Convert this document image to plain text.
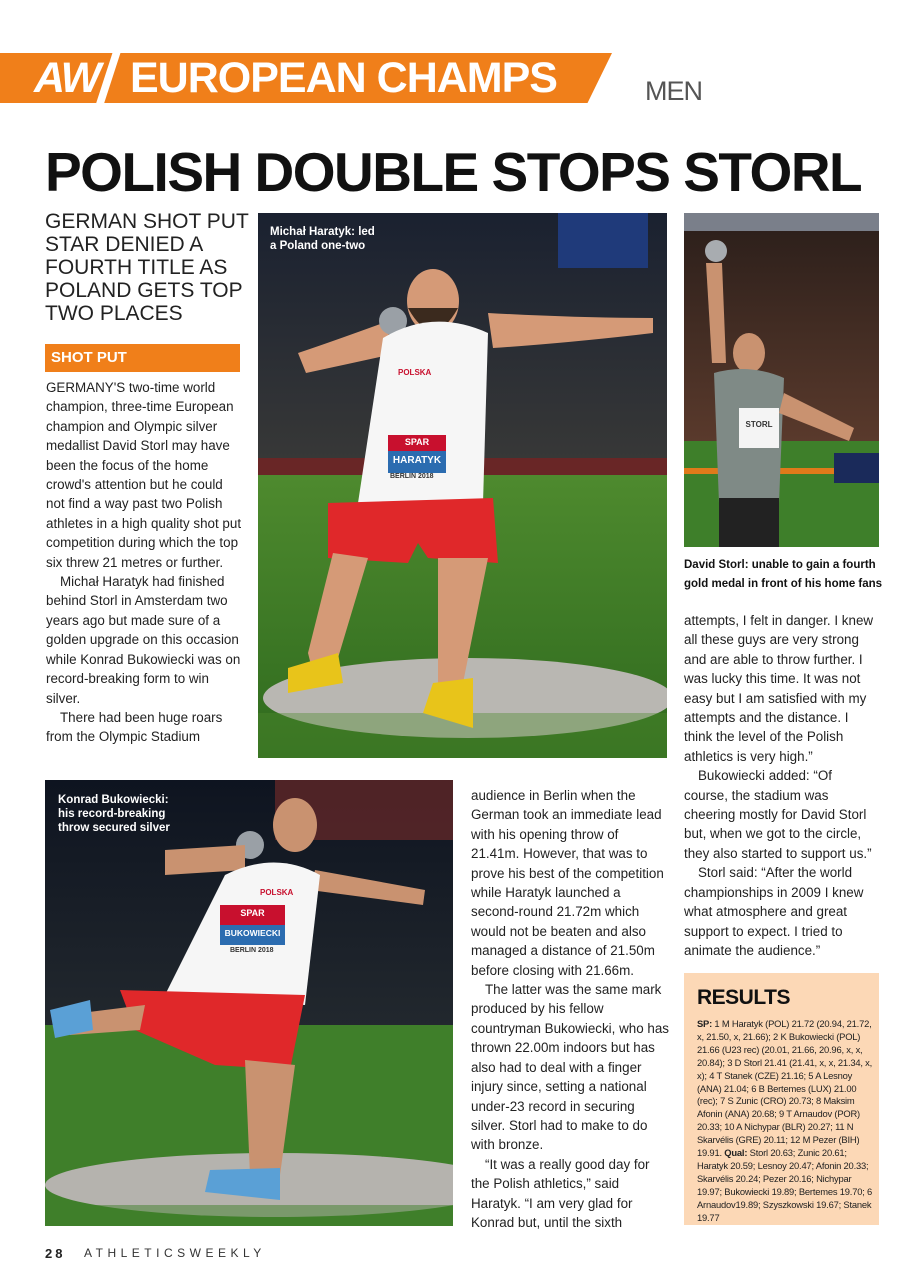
AW EUROPEAN CHAMPS	MEN
POLISH DOUBLE STOPS STORL
GERMAN SHOT PUT STAR DENIED A FOURTH TITLE AS POLAND GETS TOP TWO PLACES
SHOT PUT

GERMANY'S two-time world champion, three-time European champion and Olympic silver medallist David Storl may have been the focus of the home crowd's attention but he could not find a way past two Polish athletes in a high quality shot put competition during which the top six threw 21 metres or further.

Michał Haratyk had finished behind Storl in Amsterdam two years ago but made sure of a golden upgrade on this occasion while Konrad Bukowiecki was on record-breaking form to win silver.

There had been huge roars from the Olympic Stadium

Michał Haratyk: led a Poland one-two
SPAR
HARATYK
POLSKA
BERLIN 2018
STORL
David Storl: unable to gain a fourth gold medal in front of his home fans

attempts, I felt in danger. I knew all these guys are very strong and are able to throw further. I was lucky this time. It was not easy but I am satisfied with my attempts and the distance. I think the level of the Polish athletics is very high.”

Bukowiecki added: “Of course, the stadium was cheering mostly for David Storl but, when we got to the circle, they also started to support us.”

Storl said: “After the world championships in 2009 I knew what atmosphere and great support to expect. I tried to animate the audience.”

Konrad Bukowiecki: his record-breaking throw secured silver
SPAR
BUKOWIECKI
POLSKA
BERLIN 2018

audience in Berlin when the German took an immediate lead with his opening throw of 21.41m. However, that was to prove his best of the competition while Haratyk launched a second-round 21.72m which would not be beaten and also managed a distance of 21.50m before closing with 21.66m.

The latter was the same mark produced by his fellow countryman Bukowiecki, who has thrown 22.00m indoors but has also had to deal with a finger injury since, setting a national under-23 record in securing silver. Storl had to make to do with bronze.

“It was a really good day for the Polish athletics,” said Haratyk. “I am very glad for Konrad but, until the sixth

RESULTS
SP: 1 M Haratyk (POL) 21.72 (20.94, 21.72, x, 21.50, x, 21.66); 2 K Bukowiecki (POL) 21.66 (U23 rec) (20.01, 21.66, 20.96, x, x, 20.84); 3 D Storl 21.41 (21.41, x, x, 21.34, x, x); 4 T Stanek (CZE) 21.16; 5 A Lesnoy (ANA) 21.04; 6 B Bertemes (LUX) 21.00 (rec); 7 S Zunic (CRO) 20.73; 8 Maksim Afonin (ANA) 20.68; 9 T Arnaudov (POR) 20.33; 10 A Nichypar (BLR) 20.27; 11 N Skarvélis (GRE) 20.11; 12 M Pezer (BIH) 19.91. Qual: Storl 20.63; Zunic 20.61; Haratyk 20.59; Lesnoy 20.47; Afonin 20.33; Skarvélis 20.24; Pezer 20.16; Nichypar 19.97; Bukowiecki 19.89; Bertemes 19.70; 6 Arnaudov19.89; Szyszkowski 19.67; Stanek 19.77
28 ATHLETICSWEEKLY
